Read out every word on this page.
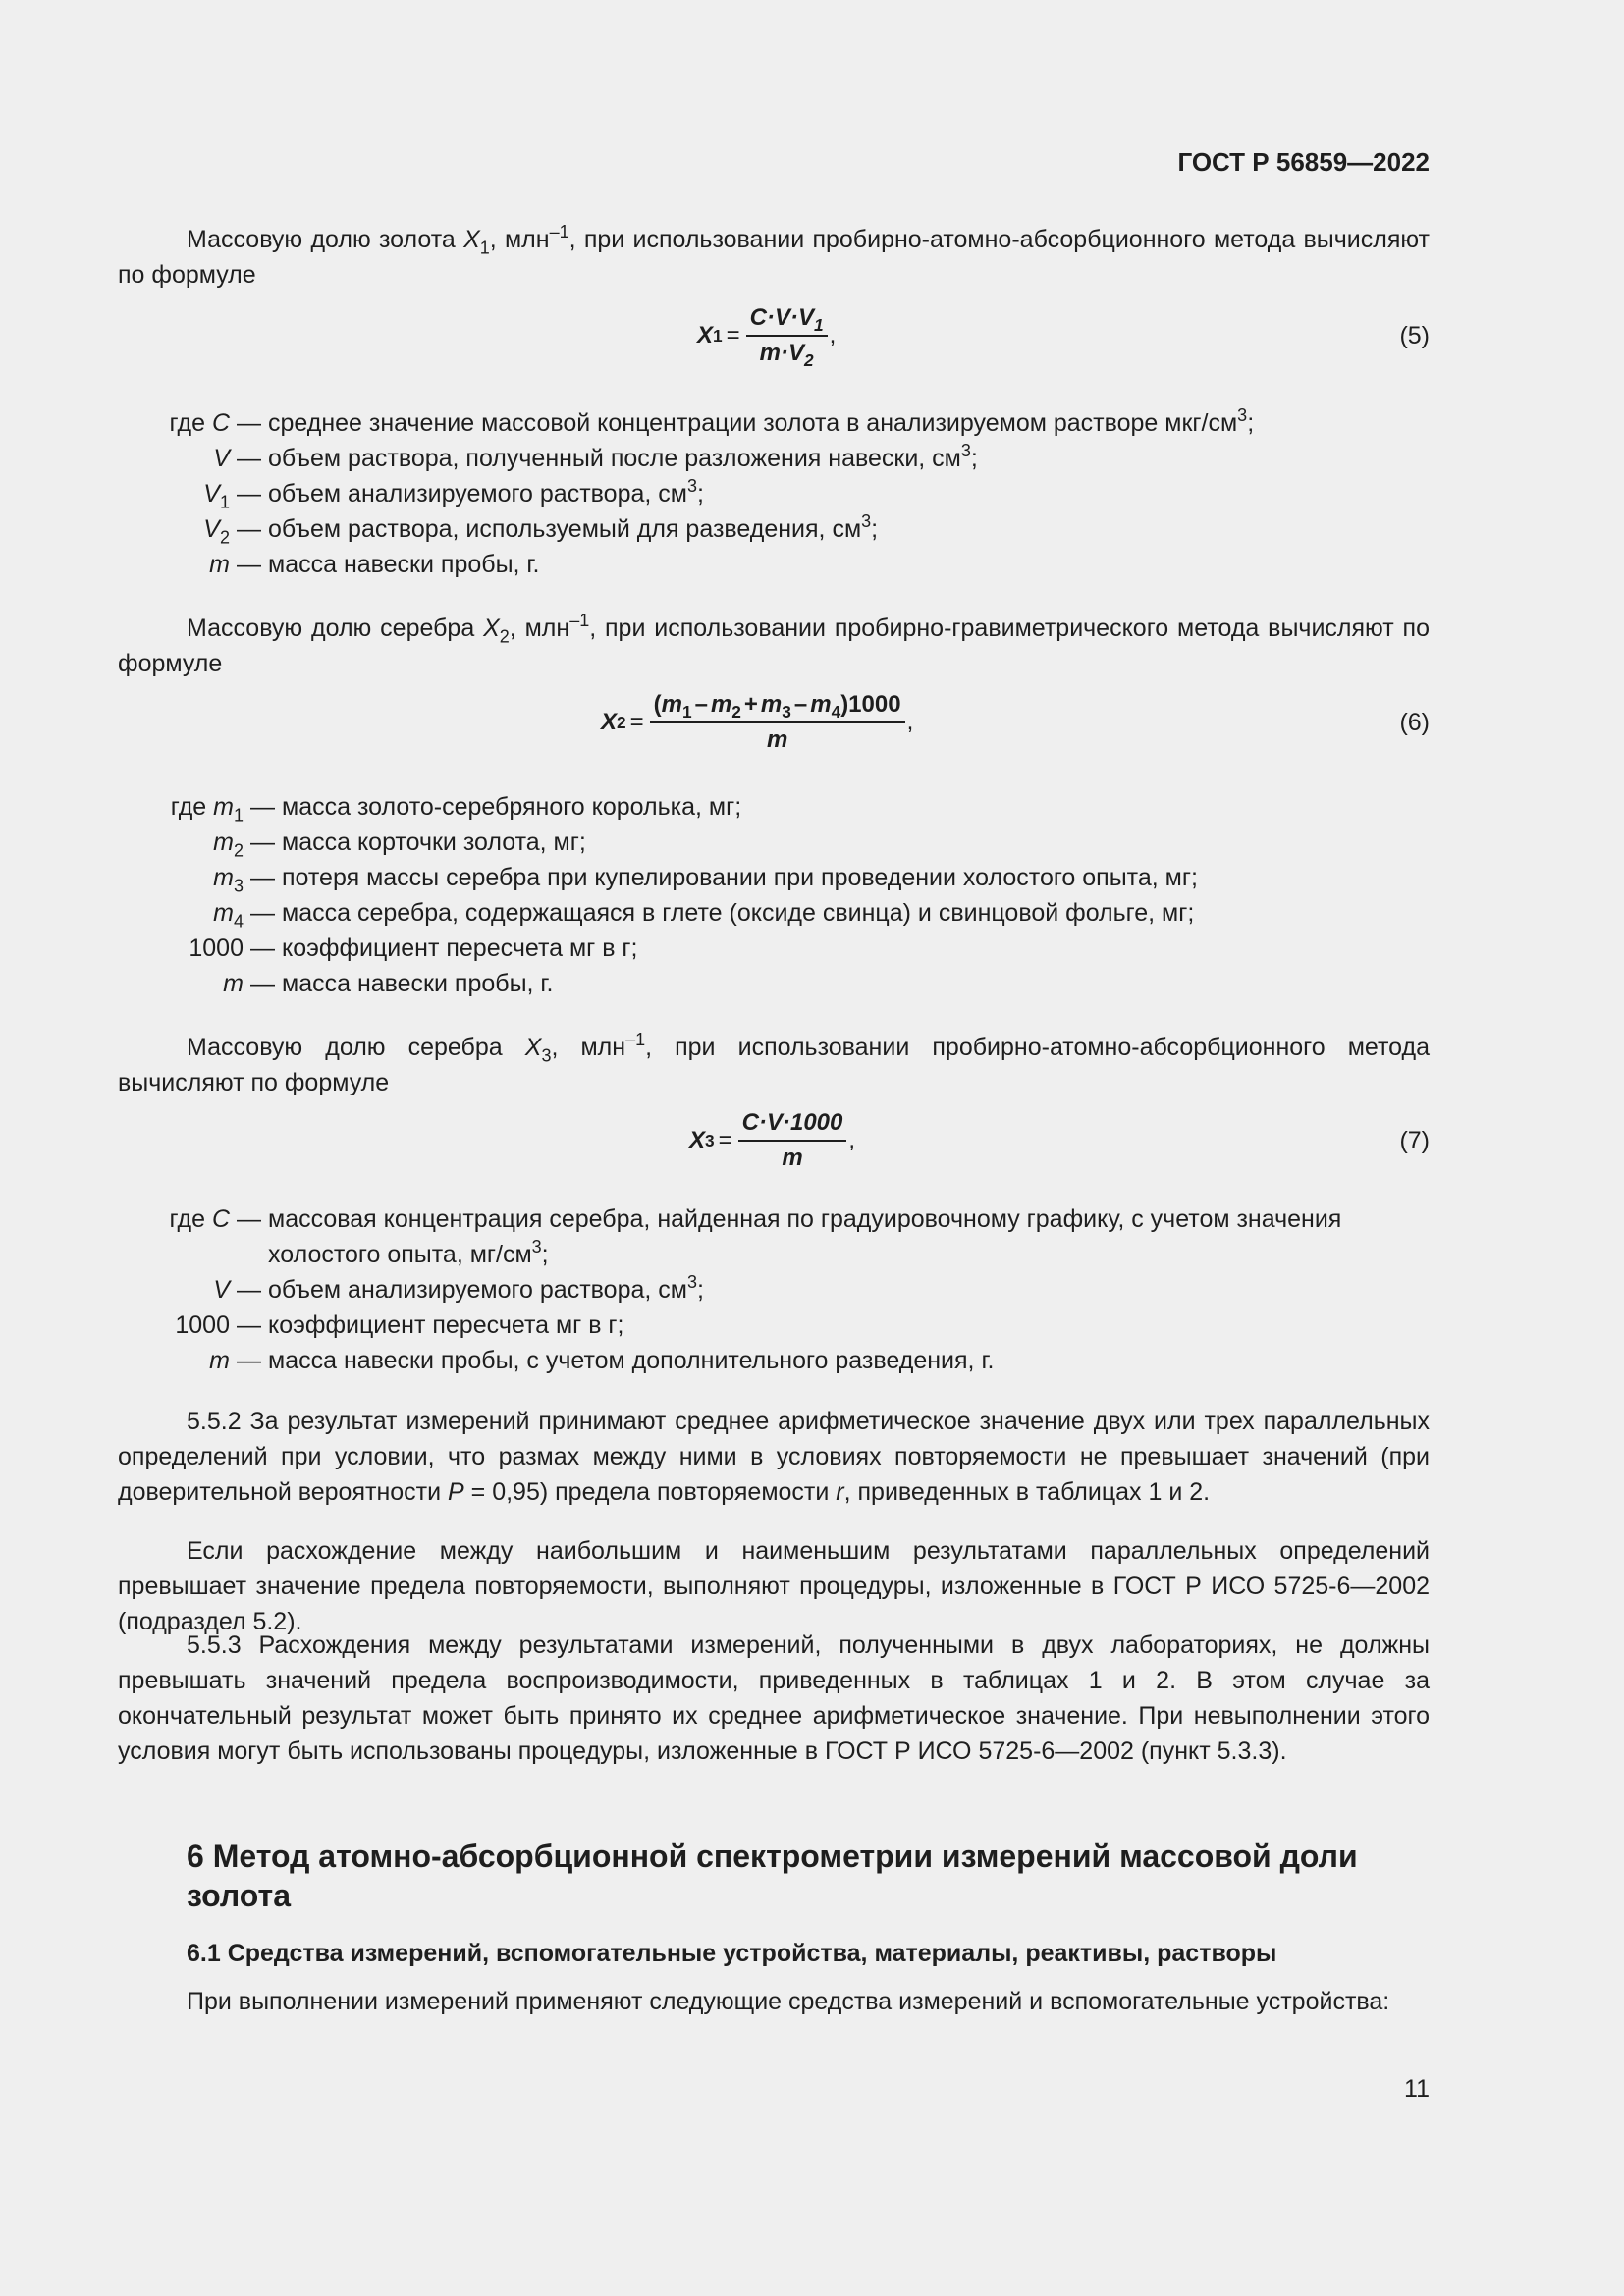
ГОСТ Р 56859—2022

Массовую долю золота $X_1$, млн$^{-1}$, при использовании пробирно-атомно-абсорбционного метода вычисляют по формуле

X $1 = \frac{C\cdot V\cdot V_1}{m\cdot V_2}$ ,	(5)
где C — среднее значение массовой концентрации золота в анализируемом растворе мкг/$см^3$;
V — объем раствора, полученный после разложения навески, $см^3$;
$V_1$ — объем анализируемого раствора, $см^3$;
$V_2$ — объем раствора, используемый для разведения, $см^3$;
m — масса навески пробы, г.

Массовую долю серебра $X_2$, млн$^{-1}$, при использовании пробирно-гравиметрического метода вычисляют по формуле

X $2 = \frac{(m_1 - m_2 + m_3 - m_4)1000}{m}$ ,	(6)
где $m_1$ — масса золото-серебряного королька, мг;
$m_2$ — масса корточки золота, мг;
$m_3$ — потеря массы серебра при купелировании при проведении холостого опыта, мг;
$m_4$ — масса серебра, содержащаяся в глете (оксиде свинца) и свинцовой фольге, мг;
1000 — коэффициент пересчета мг в г;
m — масса навески пробы, г.

Массовую долю серебра $X_3$, млн$^{-1}$, при использовании пробирно-атомно-абсорбционного метода вычисляют по формуле

X $3 = \frac{C\cdot V\cdot 1000}{m}$ ,	(7)
где C — массовая концентрация серебра, найденная по градуировочному графику, с учетом значения холостого опыта, $мг/см^3$;
V — объем анализируемого раствора, $см^3$;
1000 — коэффициент пересчета мг в г;
m — масса навески пробы, с учетом дополнительного разведения, г.

5.5.2 За результат измерений принимают среднее арифметическое значение двух или трех параллельных определений при условии, что размах между ними в условиях повторяемости не превышает значений (при доверительной вероятности P = 0,95) предела повторяемости r, приведенных в таблицах 1 и 2.

Если расхождение между наибольшим и наименьшим результатами параллельных определений превышает значение предела повторяемости, выполняют процедуры, изложенные в ГОСТ Р ИСО 5725-6—2002 (подраздел 5.2).

5.5.3 Расхождения между результатами измерений, полученными в двух лабораториях, не должны превышать значений предела воспроизводимости, приведенных в таблицах 1 и 2. В этом случае за окончательный результат может быть принято их среднее арифметическое значение. При невыполнении этого условия могут быть использованы процедуры, изложенные в ГОСТ Р ИСО 5725-6—2002 (пункт 5.3.3).

6 Метод атомно-абсорбционной спектрометрии измерений массовой доли золота

6.1 Средства измерений, вспомогательные устройства, материалы, реактивы, растворы

При выполнении измерений применяют следующие средства измерений и вспомогательные устройства:

11
